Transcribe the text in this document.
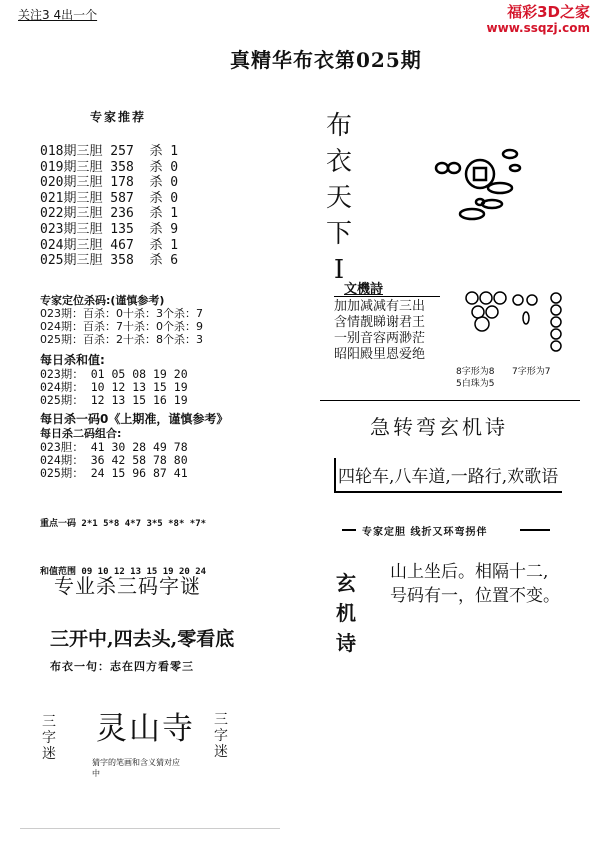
关注3 4出一个	福彩3D之家
www.ssqzj.com
真精华布衣第025期
专家推荐
018期三胆 257  杀 1
019期三胆 358  杀 0
020期三胆 178  杀 0
021期三胆 587  杀 0
022期三胆 236  杀 1
023期三胆 135  杀 9
024期三胆 467  杀 1
025期三胆 358  杀 6
布
衣
天
下
I
文機詩
加加减减有三出
含情靓睇谢君王
一别音容两渺茫
昭阳殿里恩爱绝
8字形为8 7字形为7
5白珠为5
专家定位杀码:(谨慎参考)
023期：百杀：0十杀：3个杀：7
024期：百杀：7十杀：0个杀：9
025期：百杀：2十杀：8个杀：3
每日杀和值:
023期： 01 05 08 19 20
024期： 10 12 13 15 19
025期： 12 13 15 16 19
每日杀一码0《上期准，谨慎参考》
每日杀二码组合:
023胆： 41 30 28 49 78
024期： 36 42 58 78 80
025期： 24 15 96 87 41

重点一码 2*1 5*8 4*7 3*5 *8* *7*

和值范围 09 10 12 13 15 19 20 24

急转弯玄机诗
四轮车,八车道,一路行,欢歌语
专家定胆 线折又环弯拐伴
玄
机
诗
山上坐后。相隔十二,
号码有一，位置不变。
专业杀三码字谜
三开中,四去头,零看底
布衣一句：志在四方看零三
三
字
迷
灵山寺
猜字的笔画和含义猜对应中
三
字
迷
